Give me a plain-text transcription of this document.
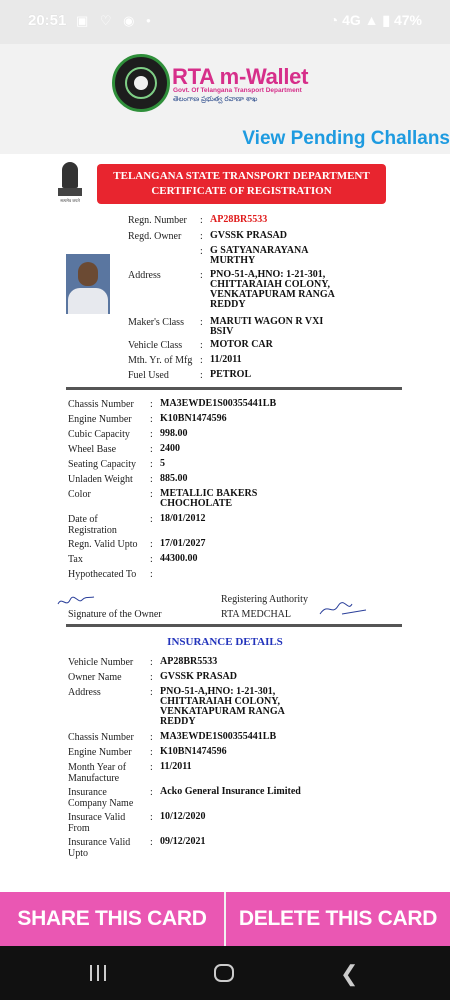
20:51 ▣ ♡ ◉ •	◔ 4G ▲ ▮ 47%
RTA m-Wallet
Govt. Of Telangana Transport Department
తెలంగాణ ప్రభుత్వ రవాణా శాఖ
View Pending Challans
सत्यमेव जयते
TELANGANA STATE TRANSPORT DEPARTMENT
CERTIFICATE OF REGISTRATION
Regn. Number : AP28BR5533
Regd. Owner : GVSSK PRASAD
: G SATYANARAYANA MURTHY
Address	: PNO-51-A,HNO: 1-21-301, CHITTARAIAH COLONY, VENKATAPURAM RANGA REDDY
Maker's Class : MARUTI WAGON R VXI BSIV
Vehicle Class : MOTOR CAR
Mth. Yr. of Mfg : 11/2011
Fuel Used	: PETROL
Chassis Number : MA3EWDE1S00355441LB
Engine Number : K10BN1474596
Cubic Capacity : 998.00
Wheel Base	: 2400
Seating Capacity : 5
Unladen Weight : 885.00
Color	: METALLIC BAKERS CHOCHOLATE
Date of Registration
: 18/01/2012
Regn. Valid Upto : 17/01/2027
Tax	: 44300.00
Hypothecated To :
Signature of the Owner
Registering Authority
RTA MEDCHAL
INSURANCE DETAILS
Vehicle Number : AP28BR5533
Owner Name	: GVSSK PRASAD
Address	: PNO-51-A,HNO: 1-21-301, CHITTARAIAH COLONY, VENKATAPURAM RANGA REDDY
Chassis Number : MA3EWDE1S00355441LB
Engine Number : K10BN1474596
Month Year of Manufacture
: 11/2011
Insurance Company Name
: Acko General Insurance Limited
Insurace Valid From
: 10/12/2020
Insurance Valid Upto
: 09/12/2021
SHARE THIS CARD	DELETE THIS CARD
❮
